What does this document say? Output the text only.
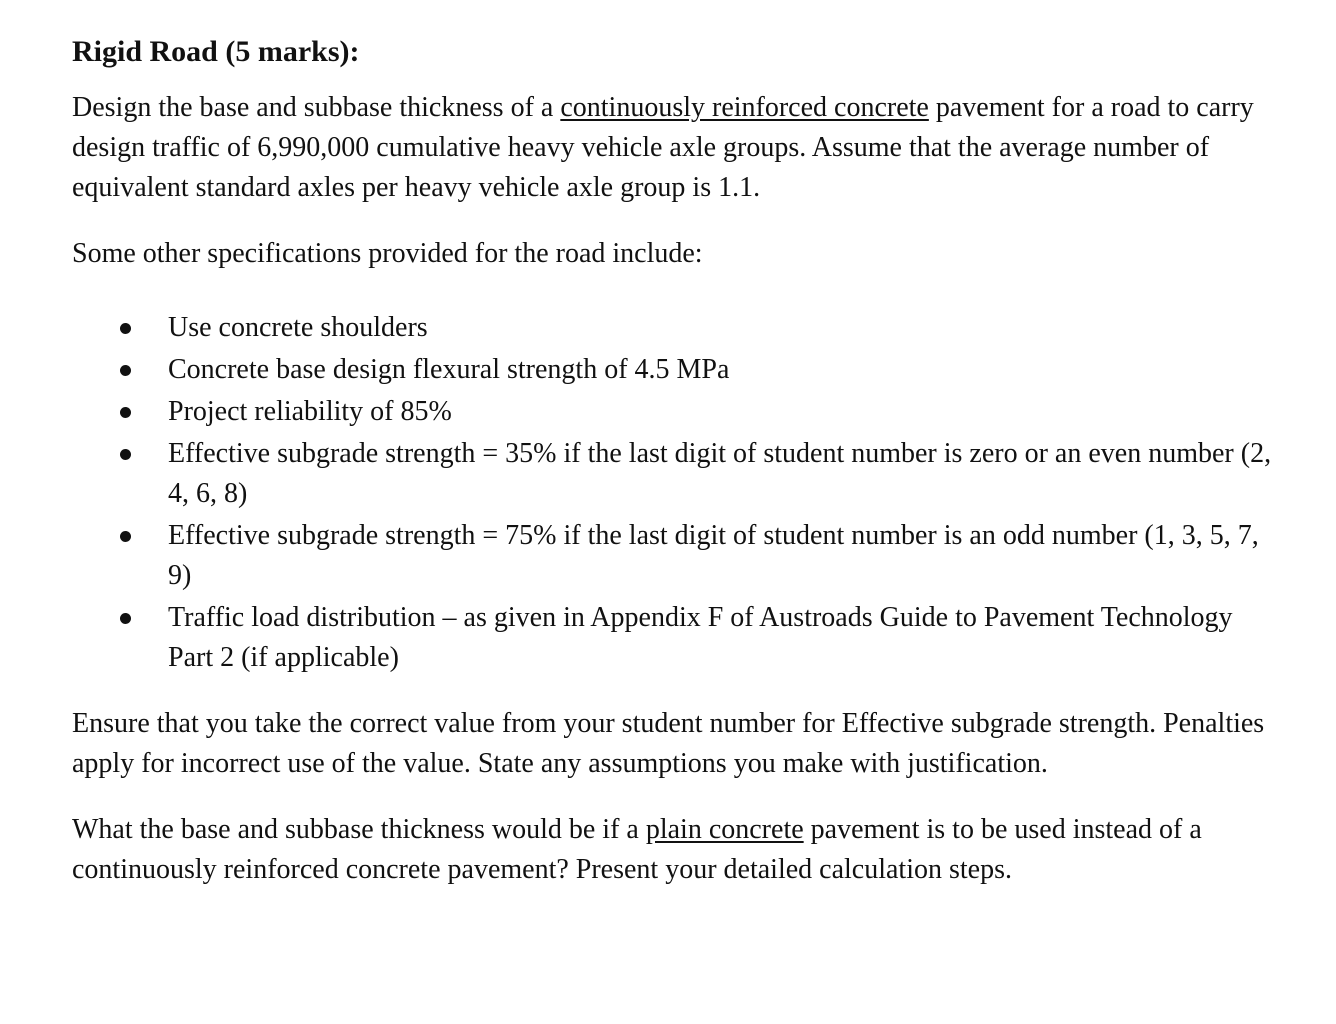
Rigid Road (5 marks):

Design the base and subbase thickness of a continuously reinforced concrete pavement for a road to carry design traffic of 6,990,000 cumulative heavy vehicle axle groups. Assume that the average number of equivalent standard axles per heavy vehicle axle group is 1.1.

Some other specifications provided for the road include:

Use concrete shoulders
Concrete base design flexural strength of 4.5 MPa
Project reliability of 85%
Effective subgrade strength = 35% if the last digit of student number is zero or an even number (2, 4, 6, 8)
Effective subgrade strength = 75% if the last digit of student number is an odd number (1, 3, 5, 7, 9)
Traffic load distribution – as given in Appendix F of Austroads Guide to Pavement Technology Part 2 (if applicable)

Ensure that you take the correct value from your student number for Effective subgrade strength. Penalties apply for incorrect use of the value. State any assumptions you make with justification.

What the base and subbase thickness would be if a plain concrete pavement is to be used instead of a continuously reinforced concrete pavement? Present your detailed calculation steps.
